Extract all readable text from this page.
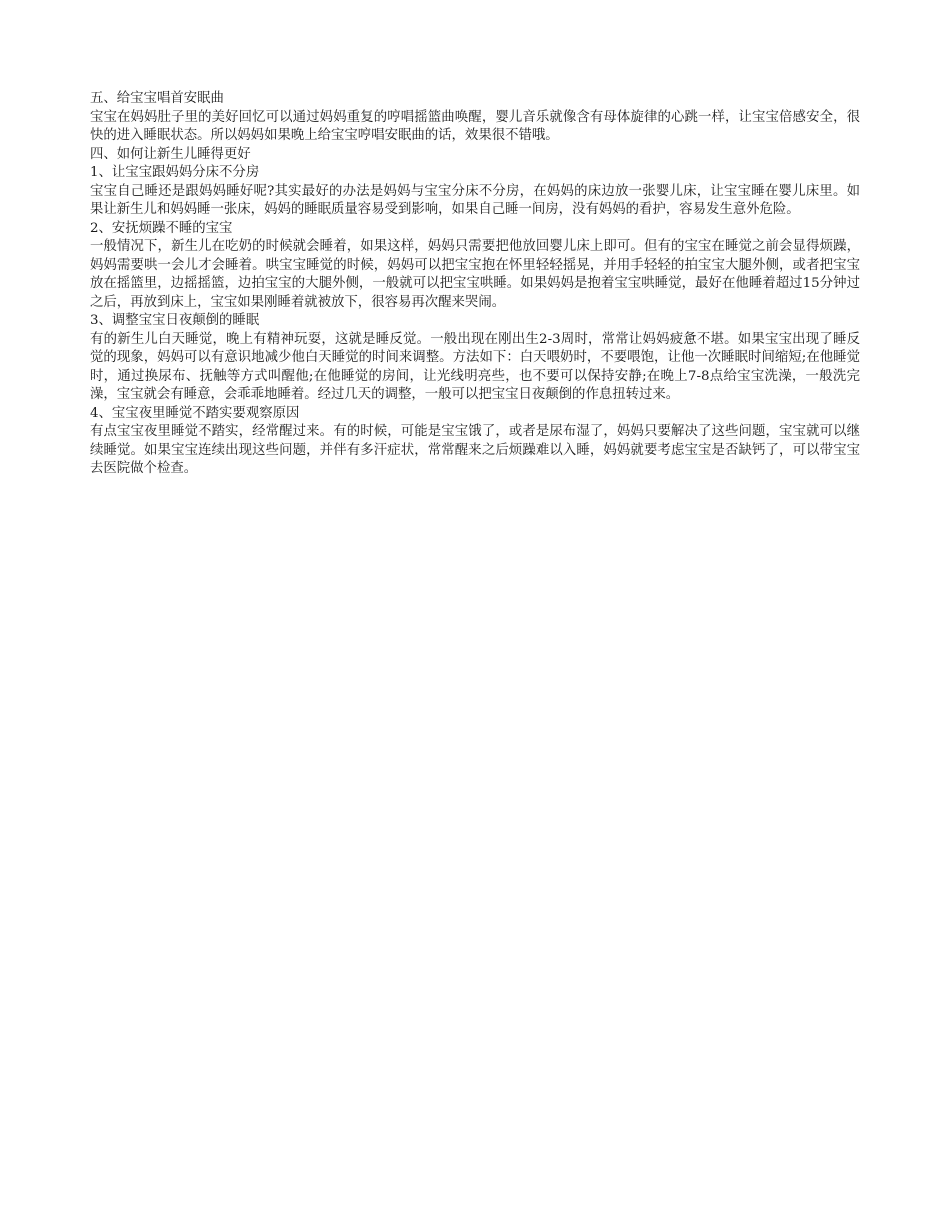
五、给宝宝唱首安眠曲

宝宝在妈妈肚子里的美好回忆可以通过妈妈重复的哼唱摇篮曲唤醒，婴儿音乐就像含有母体旋律的心跳一样，让宝宝倍感安全，很快的进入睡眠状态。所以妈妈如果晚上给宝宝哼唱安眠曲的话，效果很不错哦。

四、如何让新生儿睡得更好

1、让宝宝跟妈妈分床不分房

宝宝自己睡还是跟妈妈睡好呢?其实最好的办法是妈妈与宝宝分床不分房，在妈妈的床边放一张婴儿床，让宝宝睡在婴儿床里。如果让新生儿和妈妈睡一张床，妈妈的睡眠质量容易受到影响，如果自己睡一间房，没有妈妈的看护，容易发生意外危险。

2、安抚烦躁不睡的宝宝

一般情况下，新生儿在吃奶的时候就会睡着，如果这样，妈妈只需要把他放回婴儿床上即可。但有的宝宝在睡觉之前会显得烦躁，妈妈需要哄一会儿才会睡着。哄宝宝睡觉的时候，妈妈可以把宝宝抱在怀里轻轻摇晃，并用手轻轻的拍宝宝大腿外侧，或者把宝宝放在摇篮里，边摇摇篮，边拍宝宝的大腿外侧，一般就可以把宝宝哄睡。如果妈妈是抱着宝宝哄睡觉，最好在他睡着超过15分钟过之后，再放到床上，宝宝如果刚睡着就被放下，很容易再次醒来哭闹。

3、调整宝宝日夜颠倒的睡眠

有的新生儿白天睡觉，晚上有精神玩耍，这就是睡反觉。一般出现在刚出生2-3周时，常常让妈妈疲惫不堪。如果宝宝出现了睡反觉的现象，妈妈可以有意识地减少他白天睡觉的时间来调整。方法如下：白天喂奶时，不要喂饱，让他一次睡眠时间缩短;在他睡觉时，通过换尿布、抚触等方式叫醒他;在他睡觉的房间，让光线明亮些，也不要可以保持安静;在晚上7-8点给宝宝洗澡，一般洗完澡，宝宝就会有睡意，会乖乖地睡着。经过几天的调整，一般可以把宝宝日夜颠倒的作息扭转过来。

4、宝宝夜里睡觉不踏实要观察原因

有点宝宝夜里睡觉不踏实，经常醒过来。有的时候，可能是宝宝饿了，或者是尿布湿了，妈妈只要解决了这些问题，宝宝就可以继续睡觉。如果宝宝连续出现这些问题，并伴有多汗症状，常常醒来之后烦躁难以入睡，妈妈就要考虑宝宝是否缺钙了，可以带宝宝去医院做个检查。
